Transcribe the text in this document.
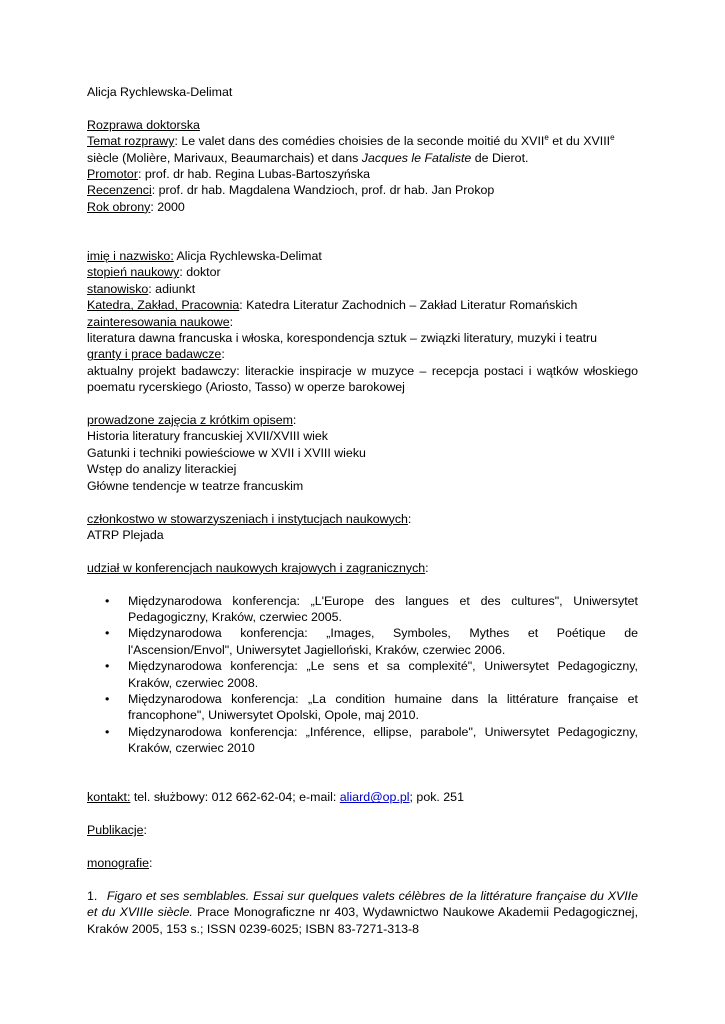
Alicja Rychlewska-Delimat

Rozprawa doktorska

Temat rozprawy: Le valet dans des comédies choisies de la seconde moitié du XVIIe et du XVIIIe siècle (Molière, Marivaux, Beaumarchais) et dans Jacques le Fataliste de Dierot.

Promotor: prof. dr hab. Regina Lubas-Bartoszyńska

Recenzenci: prof. dr hab. Magdalena Wandzioch, prof. dr hab. Jan Prokop

Rok obrony: 2000

imię i nazwisko: Alicja Rychlewska-Delimat

stopień naukowy: doktor

stanowisko: adiunkt

Katedra, Zakład, Pracownia: Katedra Literatur Zachodnich – Zakład Literatur Romańskich

zainteresowania naukowe:

literatura dawna francuska i włoska, korespondencja sztuk – związki literatury, muzyki i teatru

granty i prace badawcze:

aktualny projekt badawczy: literackie inspiracje w muzyce – recepcja postaci i wątków włoskiego poematu rycerskiego (Ariosto, Tasso) w operze barokowej

prowadzone zajęcia z krótkim opisem:

Historia literatury francuskiej XVII/XVIII wiek

Gatunki i techniki powieściowe w XVII i XVIII wieku

Wstęp do analizy literackiej

Główne tendencje w teatrze francuskim

członkostwo w stowarzyszeniach i instytucjach naukowych:

ATRP Plejada

udział w konferencjach naukowych krajowych i zagranicznych:

• Międzynarodowa konferencja: „L'Europe des langues et des cultures", Uniwersytet Pedagogiczny, Kraków, czerwiec 2005.
• Międzynarodowa konferencja: „Images, Symboles, Mythes et Poétique de l'Ascension/Envol", Uniwersytet Jagielloński, Kraków, czerwiec 2006.
• Międzynarodowa konferencja: „Le sens et sa complexité", Uniwersytet Pedagogiczny, Kraków, czerwiec 2008.
• Międzynarodowa konferencja: „La condition humaine dans la littérature française et francophone", Uniwersytet Opolski, Opole, maj 2010.
• Międzynarodowa konferencja: „Inférence, ellipse, parabole", Uniwersytet Pedagogiczny, Kraków, czerwiec 2010

kontakt: tel. służbowy: 012 662-62-04; e-mail: aliard@op.pl; pok. 251

Publikacje:

monografie:

1. Figaro et ses semblables. Essai sur quelques valets célèbres de la littérature française du XVIIe et du XVIIIe siècle. Prace Monograficzne nr 403, Wydawnictwo Naukowe Akademii Pedagogicznej, Kraków 2005, 153 s.; ISSN 0239-6025; ISBN 83-7271-313-8
